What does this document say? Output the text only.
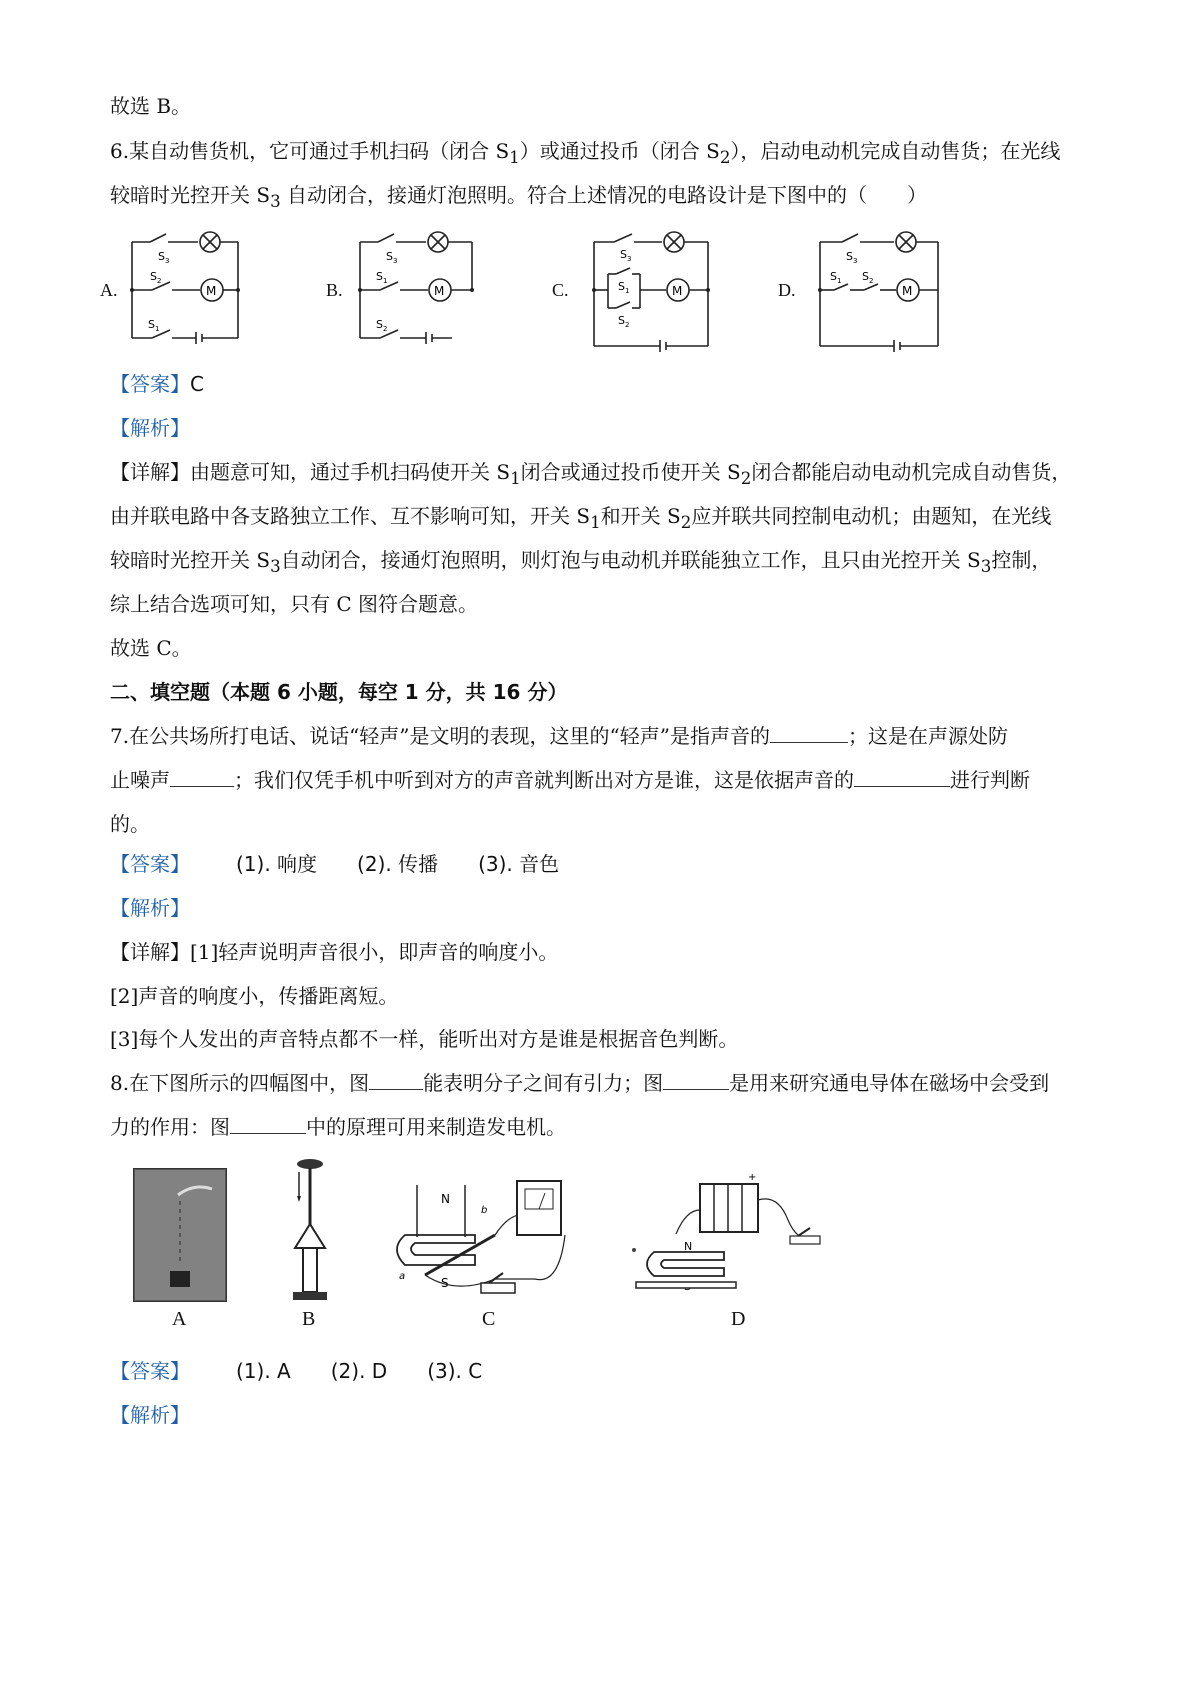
故选 B。
6.某自动售货机，它可通过手机扫码（闭合 $S_1$）或通过投币（闭合 $S_2$），启动电动机完成自动售货；在光线
较暗时光控开关 $S_3$ 自动闭合，接通灯泡照明。符合上述情况的电路设计是下图中的（　　）
A.	B.	C.	D.
S 3
S 2
S 1
M
S 3
S 1
S 2
M
S 3
S 1
S 2
M
S 3
S 1 S 2
M
【答案】C
【解析】
【详解】由题意可知，通过手机扫码使开关 $S_1$闭合或通过投币使开关 $S_2$闭合都能启动电动机完成自动售货，
由并联电路中各支路独立工作、互不影响可知，开关 $S_1$和开关 $S_2$应并联共同控制电动机；由题知，在光线
较暗时光控开关 $S_3$自动闭合，接通灯泡照明，则灯泡与电动机并联能独立工作，且只由光控开关 $S_3$控制，
综上结合选项可知，只有 C 图符合题意。
故选 C。
二、填空题（本题 6 小题，每空 1 分，共 16 分）
7.在公共场所打电话、说话“轻声”是文明的表现，这里的“轻声”是指声音的	；这是在声源处防
止噪声	；我们仅凭手机中听到对方的声音就判断出对方是谁，这是依据声音的	进行判断
的。
【答案】 (1). 响度 (2). 传播 (3). 音色
【解析】
【详解】[1]轻声说明声音很小，即声音的响度小。
[2]声音的响度小，传播距离短。
[3]每个人发出的声音特点都不一样，能听出对方是谁是根据音色判断。
8.在下图所示的四幅图中，图	能表明分子之间有引力；图	是用来研究通电导体在磁场中会受到
力的作用：图	中的原理可用来制造发电机。
A	B
N
S
a
b
C
+
N
D
【答案】 (1). A (2). D (3). C
【解析】
